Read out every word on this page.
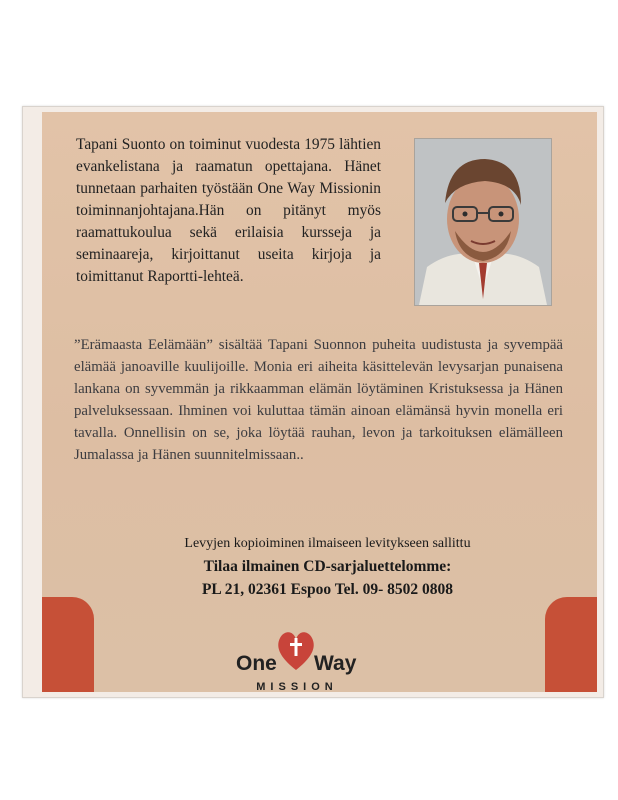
Tapani Suonto on toiminut vuodesta 1975 lähtien evankelistana ja raamatun opettajana. Hänet tunnetaan parhaiten työstään One Way Missionin toiminnanjohtajana.Hän on pitänyt myös raamattukoulua sekä erilaisia kursseja ja seminaareja, kirjoittanut useita kirjoja ja toimittanut Raportti-lehteä.

”Erämaasta Eelämään” sisältää Tapani Suonnon puheita uudistusta ja syvempää elämää janoaville kuulijoille. Monia eri aiheita käsittelevän levysarjan punaisena lankana on syvemmän ja rikkaamman elämän löytäminen Kristuksessa ja Hänen palveluksessaan. Ihminen voi kuluttaa tämän ainoan elämänsä hyvin monella eri tavalla. Onnellisin on se, joka löytää rauhan, levon ja tarkoituksen elämälleen Jumalassa ja Hänen suunnitelmissaan..

Levyjen kopioiminen ilmaiseen levitykseen sallittu
Tilaa ilmainen CD-sarjaluettelomme:
PL 21, 02361 Espoo Tel. 09- 8502 0808
One Way
MISSION
